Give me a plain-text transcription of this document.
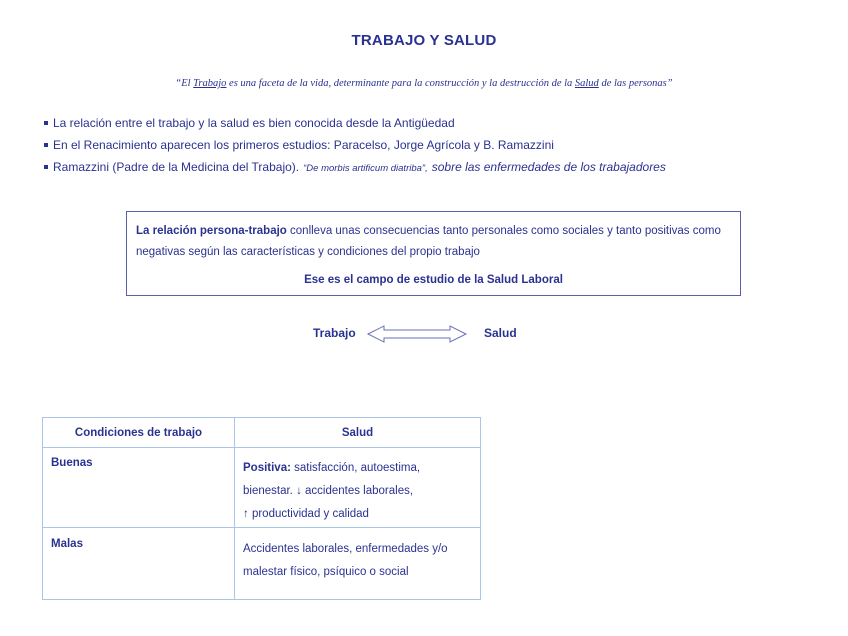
TRABAJO Y SALUD
“El Trabajo es una faceta de la vida, determinante para la construcción y la destrucción de la Salud de las personas”
La relación entre el trabajo y la salud es bien conocida desde la Antigüedad
En el Renacimiento aparecen los primeros estudios: Paracelso, Jorge Agrícola y B. Ramazzini
Ramazzini (Padre de la Medicina del Trabajo). “De morbis artificum diatriba”, sobre las enfermedades de los trabajadores

La relación persona-trabajo conlleva unas consecuencias tanto personales como sociales y tanto positivas como negativas según las características y condiciones del propio trabajo

Ese es el campo de estudio de la Salud Laboral

Trabajo	Salud
Condiciones de trabajo	Salud
Buenas	Positiva: satisfacción, autoestima,

bienestar. ↓ accidentes laborales,

↑ productividad y calidad

Malas	Accidentes laborales, enfermedades y/o

malestar físico, psíquico o social
